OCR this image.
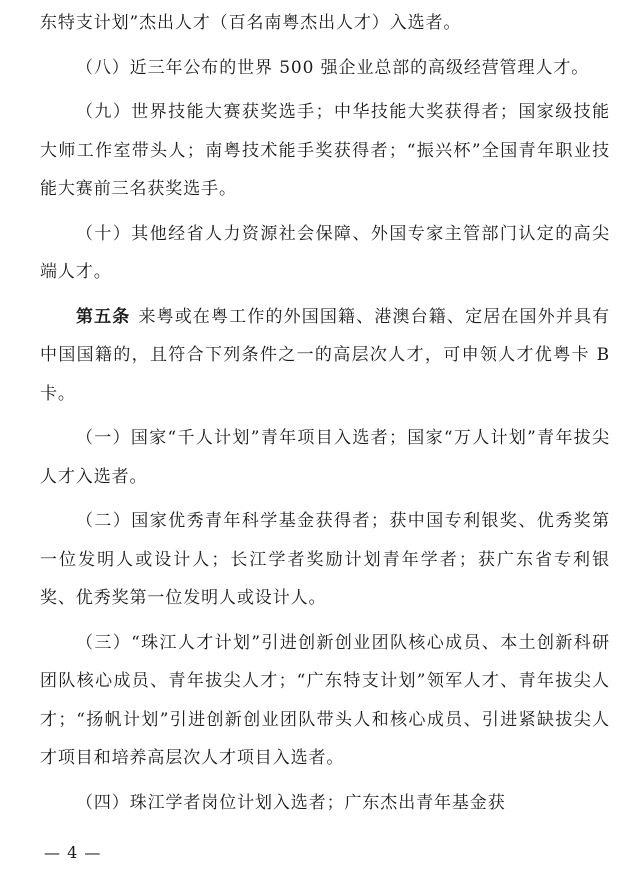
东特支计划”杰出人才（百名南粤杰出人才）入选者。

（八）近三年公布的世界 500 强企业总部的高级经营管理人才。

（九）世界技能大赛获奖选手；中华技能大奖获得者；国家级技能大师工作室带头人；南粤技术能手奖获得者；“振兴杯”全国青年职业技能大赛前三名获奖选手。

（十）其他经省人力资源社会保障、外国专家主管部门认定的高尖端人才。

第五条 来粤或在粤工作的外国国籍、港澳台籍、定居在国外并具有中国国籍的，且符合下列条件之一的高层次人才，可申领人才优粤卡 B 卡。

（一）国家“千人计划”青年项目入选者；国家“万人计划”青年拔尖人才入选者。

（二）国家优秀青年科学基金获得者；获中国专利银奖、优秀奖第一位发明人或设计人；长江学者奖励计划青年学者；获广东省专利银奖、优秀奖第一位发明人或设计人。

（三）“珠江人才计划”引进创新创业团队核心成员、本土创新科研团队核心成员、青年拔尖人才；“广东特支计划”领军人才、青年拔尖人才；“扬帆计划”引进创新创业团队带头人和核心成员、引进紧缺拔尖人才项目和培养高层次人才项目入选者。

（四）珠江学者岗位计划入选者；广东杰出青年基金获

— 4 —
